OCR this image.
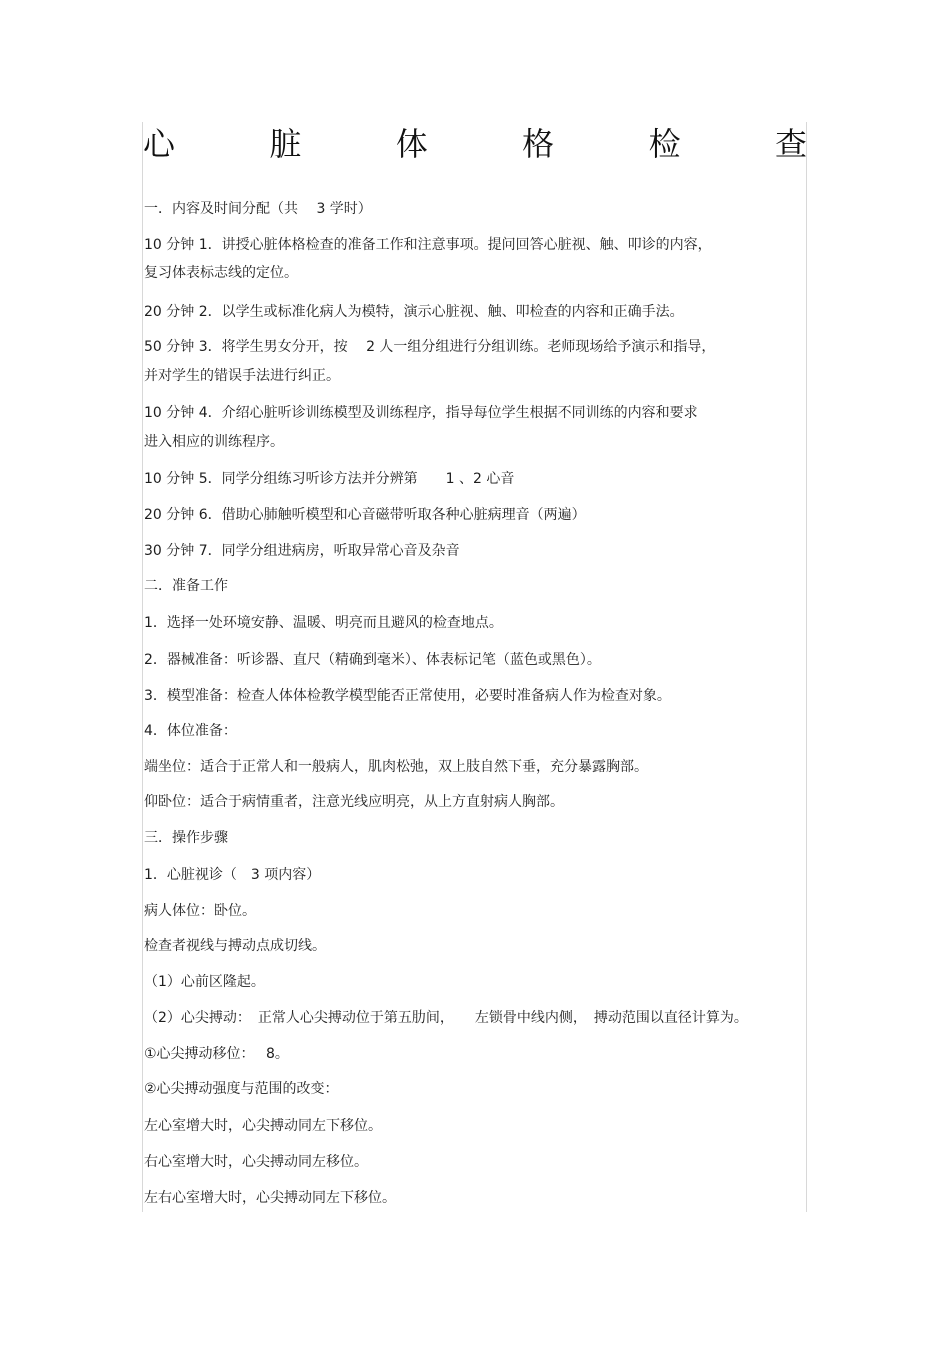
心	脏	体	格	检	查
一．内容及时间分配（共　 3 学时）
10 分钟 1．讲授心脏体格检查的准备工作和注意事项。提问回答心脏视、触、叩诊的内容，
复习体表标志线的定位。
20 分钟 2．以学生或标准化病人为模特，演示心脏视、触、叩检查的内容和正确手法。
50 分钟 3．将学生男女分开，按　 2 人一组分组进行分组训练。老师现场给予演示和指导，
并对学生的错误手法进行纠正。
10 分钟 4．介绍心脏听诊训练模型及训练程序，指导每位学生根据不同训练的内容和要求
进入相应的训练程序。
10 分钟 5．同学分组练习听诊方法并分辨第　　1 、2 心音
20 分钟 6．借助心肺触听模型和心音磁带听取各种心脏病理音（两遍）
30 分钟 7．同学分组进病房，听取异常心音及杂音
二．准备工作
1．选择一处环境安静、温暖、明亮而且避风的检查地点。
2．器械准备：听诊器、直尺（精确到毫米）、体表标记笔（蓝色或黑色）。
3．模型准备：检查人体体检教学模型能否正常使用，必要时准备病人作为检查对象。
4．体位准备：
端坐位：适合于正常人和一般病人，肌肉松弛，双上肢自然下垂，充分暴露胸部。
仰卧位：适合于病情重者，注意光线应明亮，从上方直射病人胸部。
三．操作步骤
1．心脏视诊（　3 项内容）
病人体位：卧位。
检查者视线与搏动点成切线。
（1）心前区隆起。
（2）心尖搏动：　正常人心尖搏动位于第五肋间，　　左锁骨中线内侧，　搏动范围以直径计算为。
①心尖搏动移位：　 8。
②心尖搏动强度与范围的改变：
左心室增大时，心尖搏动同左下移位。
右心室增大时，心尖搏动同左移位。
左右心室增大时，心尖搏动同左下移位。
